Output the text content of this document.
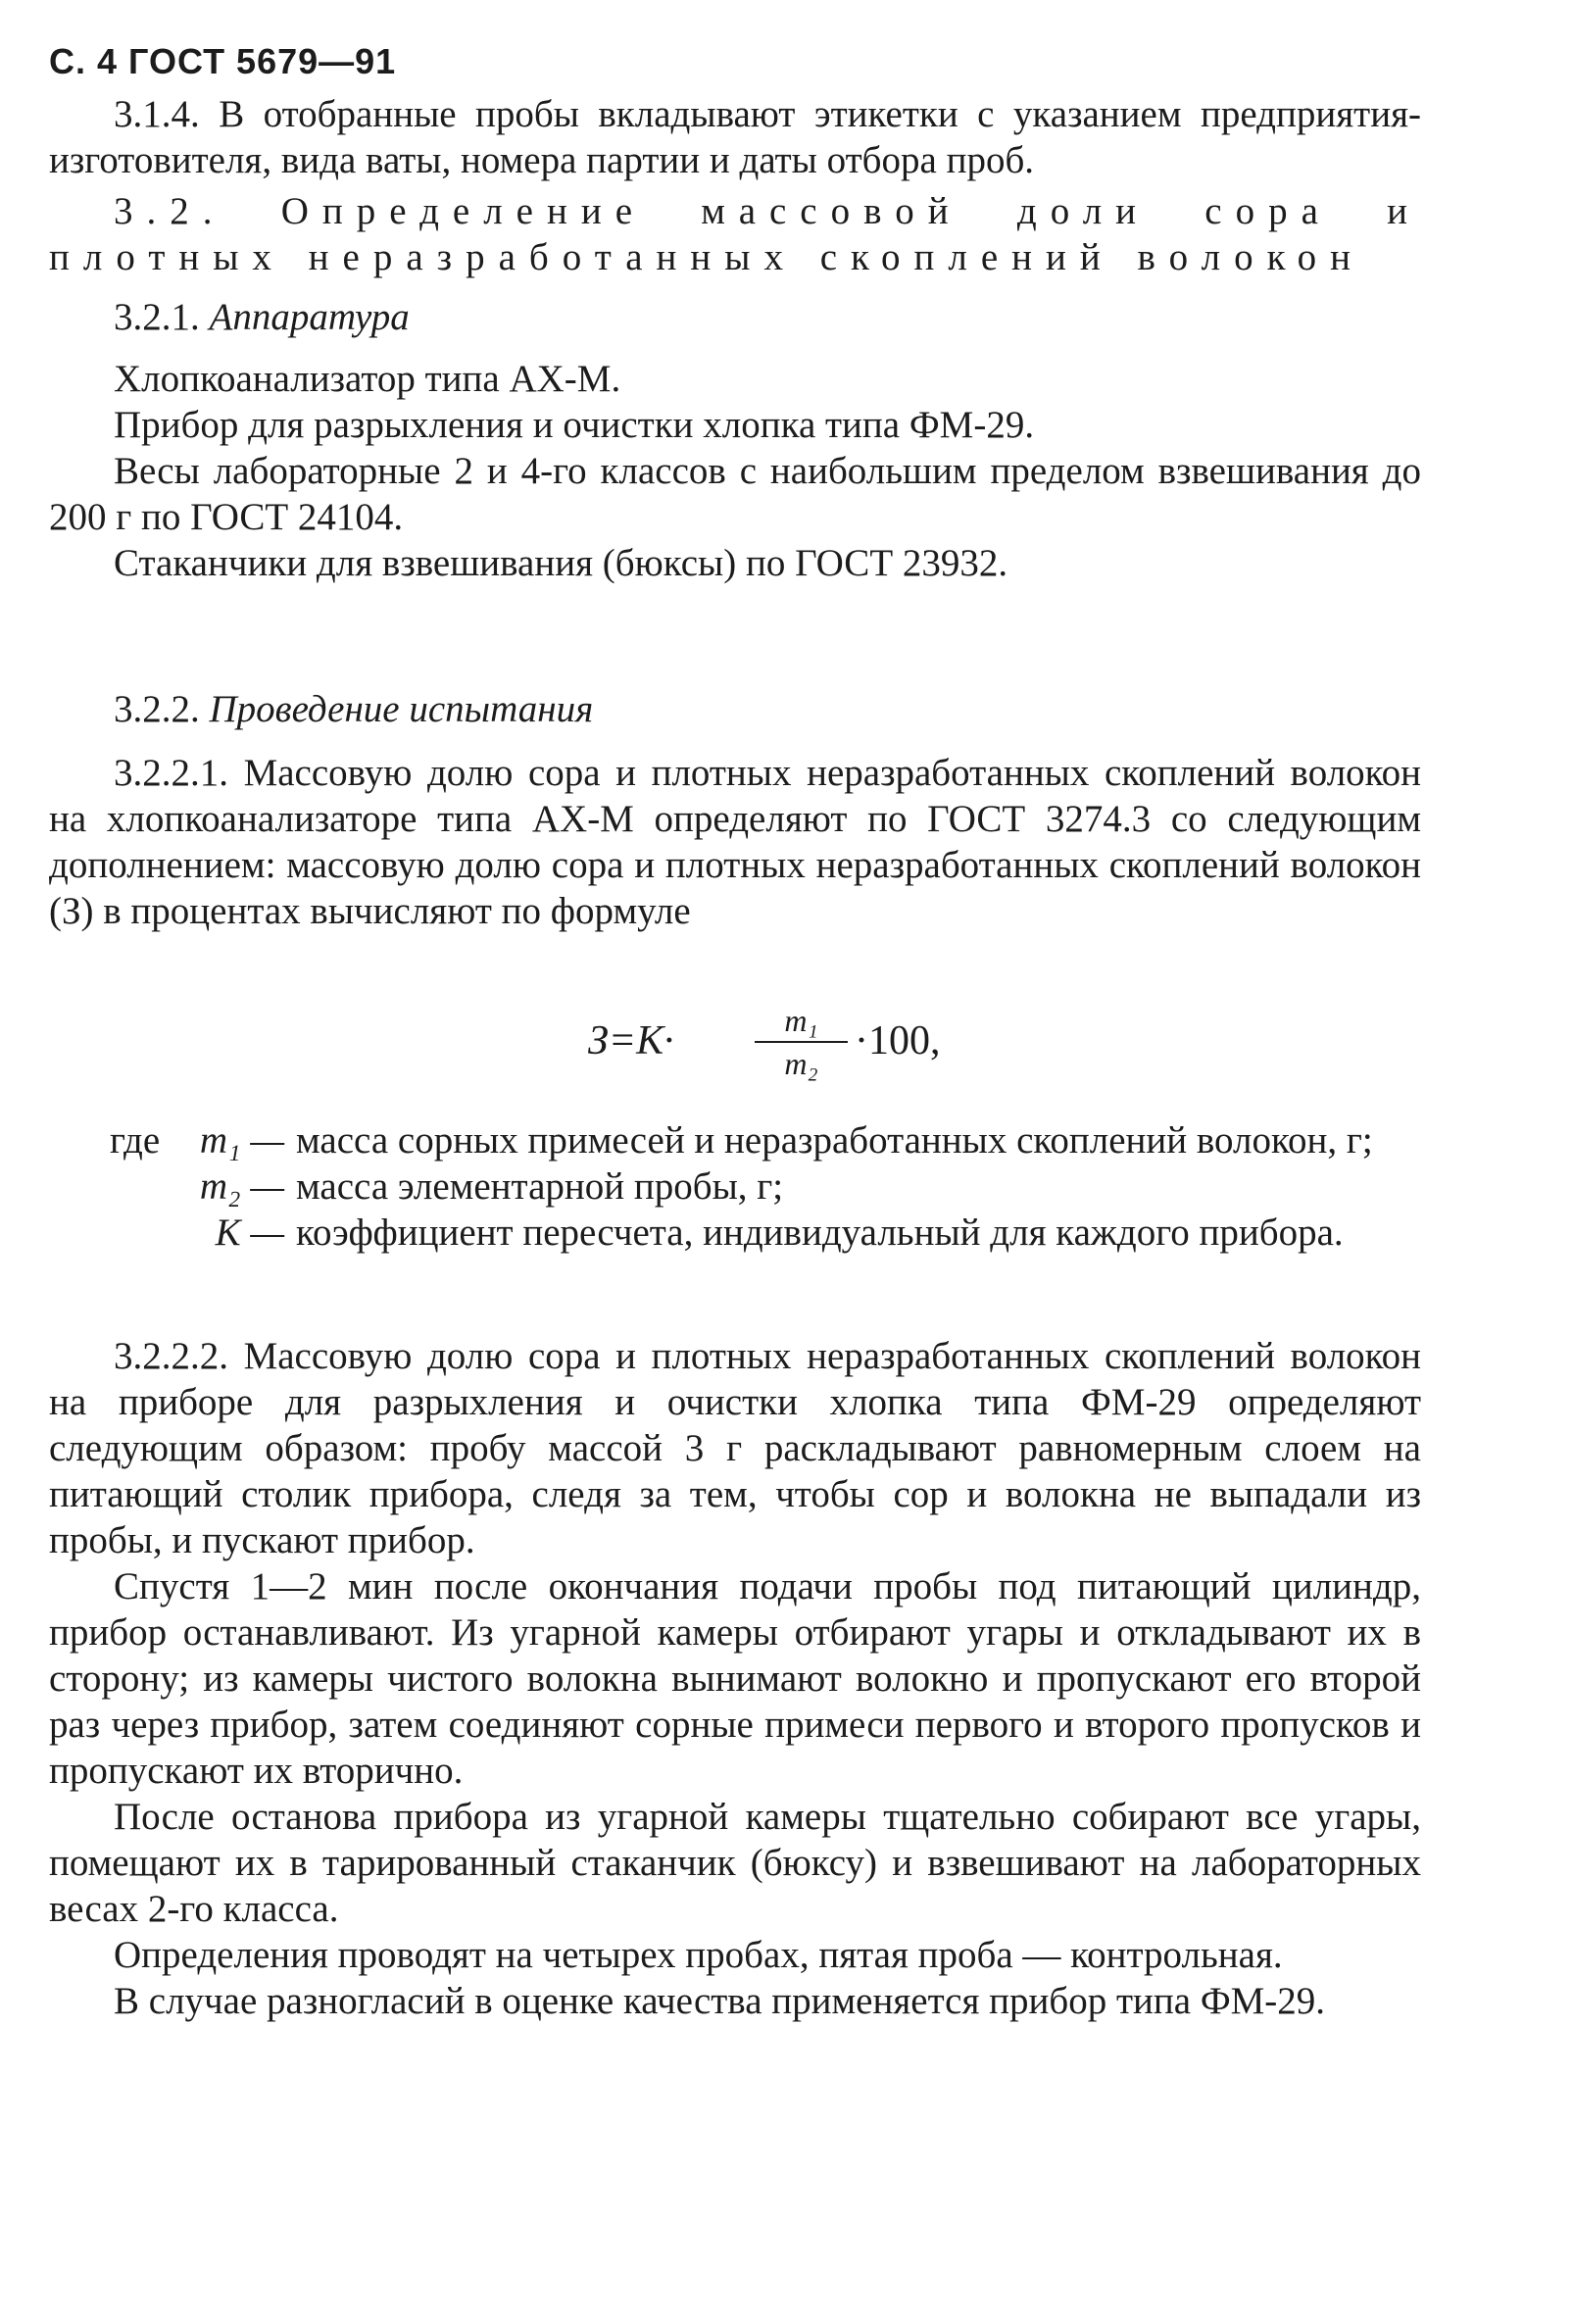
С. 4 ГОСТ 5679—91
3.1.4. В отобранные пробы вкладывают этикетки с указанием предприятия-изготовителя, вида ваты, номера партии и даты отбора проб.
3.2. Определение массовой доли сора и плотных неразработанных скоплений волокон
3.2.1. Аппаратура
Хлопкоанализатор типа АХ-М.
Прибор для разрыхления и очистки хлопка типа ФМ-29.
Весы лабораторные 2 и 4-го классов с наибольшим пределом взвешивания до 200 г по ГОСТ 24104.
Стаканчики для взвешивания (бюксы) по ГОСТ 23932.
3.2.2. Проведение испытания
3.2.2.1. Массовую долю сора и плотных неразработанных скоплений волокон на хлопкоанализаторе типа АХ-М определяют по ГОСТ 3274.3 со следующим дополнением: массовую долю сора и плотных неразработанных скоплений волокон (З) в процентах вычисляют по формуле
З=К·	m₁
m₂ ·100,
где	m₁ — масса сорных примесей и неразработанных скоплений волокон, г;
m₂ — масса элементарной пробы, г;
К — коэффициент пересчета, индивидуальный для каждого прибора.
3.2.2.2. Массовую долю сора и плотных неразработанных скоплений волокон на приборе для разрыхления и очистки хлопка типа ФМ-29 определяют следующим образом: пробу массой 3 г раскладывают равномерным слоем на питающий столик прибора, следя за тем, чтобы сор и волокна не выпадали из пробы, и пускают прибор.
Спустя 1—2 мин после окончания подачи пробы под питающий цилиндр, прибор останавливают. Из угарной камеры отбирают угары и откладывают их в сторону; из камеры чистого волокна вынимают волокно и пропускают его второй раз через прибор, затем соединяют сорные примеси первого и второго пропусков и пропускают их вторично.
После останова прибора из угарной камеры тщательно собирают все угары, помещают их в тарированный стаканчик (бюксу) и взвешивают на лабораторных весах 2-го класса.
Определения проводят на четырех пробах, пятая проба — контрольная.
В случае разногласий в оценке качества применяется прибор типа ФМ-29.
